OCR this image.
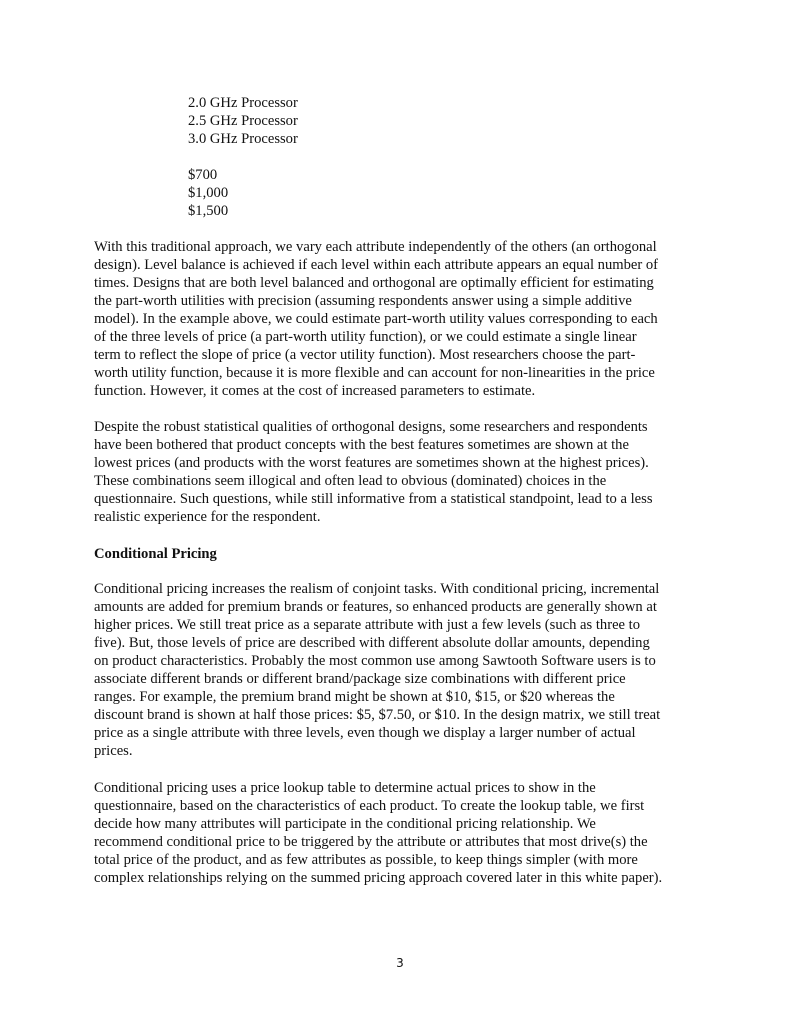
2.0 GHz Processor
2.5 GHz Processor
3.0 GHz Processor
$700
$1,000
$1,500

With this traditional approach, we vary each attribute independently of the others (an orthogonal
design). Level balance is achieved if each level within each attribute appears an equal number of
times. Designs that are both level balanced and orthogonal are optimally efficient for estimating
the part-worth utilities with precision (assuming respondents answer using a simple additive
model). In the example above, we could estimate part-worth utility values corresponding to each
of the three levels of price (a part-worth utility function), or we could estimate a single linear
term to reflect the slope of price (a vector utility function). Most researchers choose the part-
worth utility function, because it is more flexible and can account for non-linearities in the price
function. However, it comes at the cost of increased parameters to estimate.

Despite the robust statistical qualities of orthogonal designs, some researchers and respondents
have been bothered that product concepts with the best features sometimes are shown at the
lowest prices (and products with the worst features are sometimes shown at the highest prices).
These combinations seem illogical and often lead to obvious (dominated) choices in the
questionnaire. Such questions, while still informative from a statistical standpoint, lead to a less
realistic experience for the respondent.

Conditional Pricing

Conditional pricing increases the realism of conjoint tasks. With conditional pricing, incremental
amounts are added for premium brands or features, so enhanced products are generally shown at
higher prices. We still treat price as a separate attribute with just a few levels (such as three to
five). But, those levels of price are described with different absolute dollar amounts, depending
on product characteristics. Probably the most common use among Sawtooth Software users is to
associate different brands or different brand/package size combinations with different price
ranges. For example, the premium brand might be shown at $10, $15, or $20 whereas the
discount brand is shown at half those prices: $5, $7.50, or $10. In the design matrix, we still treat
price as a single attribute with three levels, even though we display a larger number of actual
prices.

Conditional pricing uses a price lookup table to determine actual prices to show in the
questionnaire, based on the characteristics of each product. To create the lookup table, we first
decide how many attributes will participate in the conditional pricing relationship. We
recommend conditional price to be triggered by the attribute or attributes that most drive(s) the
total price of the product, and as few attributes as possible, to keep things simpler (with more
complex relationships relying on the summed pricing approach covered later in this white paper).

3
